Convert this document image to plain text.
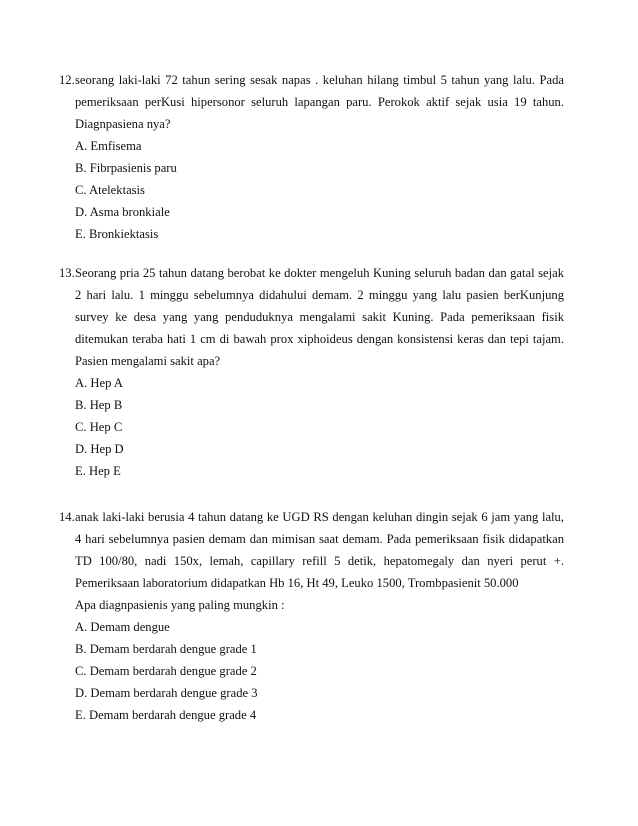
12. seorang laki-laki 72 tahun sering sesak napas . keluhan hilang timbul 5 tahun yang lalu. Pada
pemeriksaan perKusi hipersonor seluruh lapangan paru. Perokok aktif sejak usia 19 tahun.
Diagnpasiena nya?
A. Emfisema
B. Fibrpasienis paru
C. Atelektasis
D. Asma bronkiale
E. Bronkiektasis
13. Seorang pria 25 tahun datang berobat ke dokter mengeluh Kuning seluruh badan dan gatal sejak
2 hari lalu. 1 minggu sebelumnya didahului demam. 2 minggu yang lalu pasien berKunjung
survey ke desa yang yang penduduknya mengalami sakit Kuning. Pada pemeriksaan fisik
ditemukan teraba hati 1 cm di bawah prox xiphoideus dengan konsistensi keras dan tepi tajam.
Pasien mengalami sakit apa?
A. Hep A
B. Hep B
C. Hep C
D. Hep D
E. Hep E
14. anak laki-laki berusia 4 tahun datang ke UGD RS dengan keluhan dingin sejak 6 jam yang lalu,
4 hari sebelumnya pasien demam dan mimisan saat demam. Pada pemeriksaan fisik didapatkan
TD 100/80, nadi 150x, lemah, capillary refill 5 detik, hepatomegaly dan nyeri perut +.
Pemeriksaan laboratorium didapatkan Hb 16, Ht 49, Leuko 1500, Trombpasienit 50.000
Apa diagnpasienis yang paling mungkin :
A. Demam dengue
B. Demam berdarah dengue grade 1
C. Demam berdarah dengue grade 2
D. Demam berdarah dengue grade 3
E. Demam berdarah dengue grade 4
